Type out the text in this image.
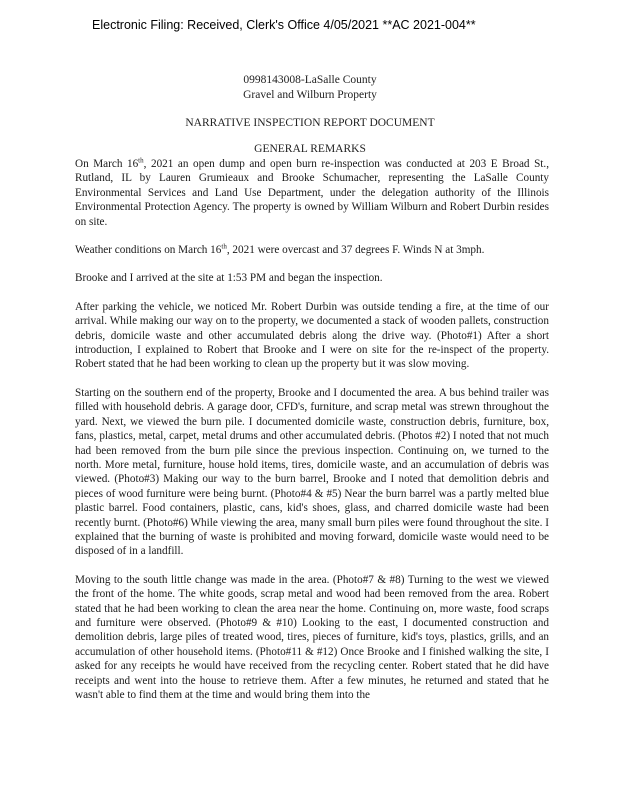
Electronic Filing: Received, Clerk's Office 4/05/2021 **AC 2021-004**
0998143008-LaSalle County
Gravel and Wilburn Property
NARRATIVE INSPECTION REPORT DOCUMENT
GENERAL REMARKS

On March 16th, 2021 an open dump and open burn re-inspection was conducted at 203 E Broad St., Rutland, IL by Lauren Grumieaux and Brooke Schumacher, representing the LaSalle County Environmental Services and Land Use Department, under the delegation authority of the Illinois Environmental Protection Agency. The property is owned by William Wilburn and Robert Durbin resides on site.

Weather conditions on March 16th, 2021 were overcast and 37 degrees F. Winds N at 3mph.

Brooke and I arrived at the site at 1:53 PM and began the inspection.

After parking the vehicle, we noticed Mr. Robert Durbin was outside tending a fire, at the time of our arrival. While making our way on to the property, we documented a stack of wooden pallets, construction debris, domicile waste and other accumulated debris along the drive way. (Photo#1) After a short introduction, I explained to Robert that Brooke and I were on site for the re-inspect of the property. Robert stated that he had been working to clean up the property but it was slow moving.

Starting on the southern end of the property, Brooke and I documented the area. A bus behind trailer was filled with household debris. A garage door, CFD's, furniture, and scrap metal was strewn throughout the yard. Next, we viewed the burn pile. I documented domicile waste, construction debris, furniture, box, fans, plastics, metal, carpet, metal drums and other accumulated debris. (Photos #2) I noted that not much had been removed from the burn pile since the previous inspection. Continuing on, we turned to the north. More metal, furniture, house hold items, tires, domicile waste, and an accumulation of debris was viewed. (Photo#3) Making our way to the burn barrel, Brooke and I noted that demolition debris and pieces of wood furniture were being burnt. (Photo#4 & #5) Near the burn barrel was a partly melted blue plastic barrel. Food containers, plastic, cans, kid's shoes, glass, and charred domicile waste had been recently burnt. (Photo#6) While viewing the area, many small burn piles were found throughout the site. I explained that the burning of waste is prohibited and moving forward, domicile waste would need to be disposed of in a landfill.

Moving to the south little change was made in the area. (Photo#7 & #8) Turning to the west we viewed the front of the home. The white goods, scrap metal and wood had been removed from the area. Robert stated that he had been working to clean the area near the home. Continuing on, more waste, food scraps and furniture were observed. (Photo#9 & #10) Looking to the east, I documented construction and demolition debris, large piles of treated wood, tires, pieces of furniture, kid's toys, plastics, grills, and an accumulation of other household items. (Photo#11 & #12) Once Brooke and I finished walking the site, I asked for any receipts he would have received from the recycling center. Robert stated that he did have receipts and went into the house to retrieve them. After a few minutes, he returned and stated that he wasn't able to find them at the time and would bring them into the
